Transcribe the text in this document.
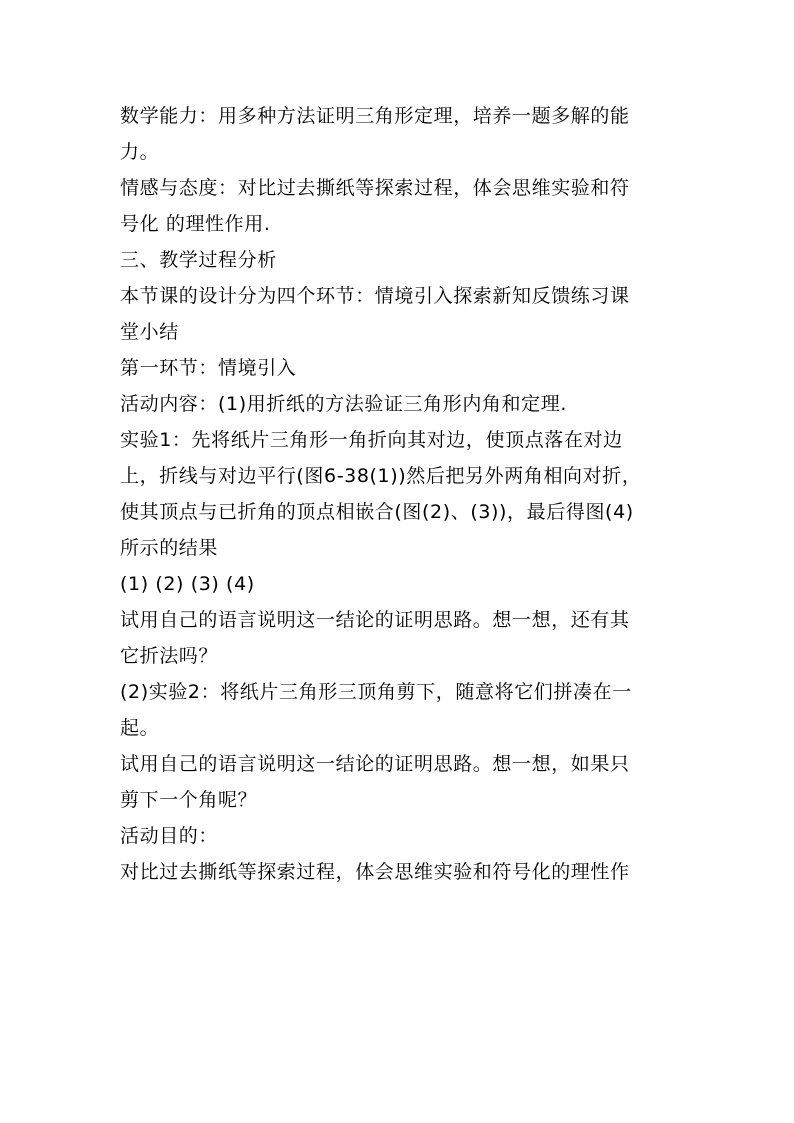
数学能力：用多种方法证明三角形定理，培养一题多解的能
力。
情感与态度：对比过去撕纸等探索过程，体会思维实验和符
号化 的理性作用.
三、教学过程分析
本节课的设计分为四个环节：情境引入探索新知反馈练习课
堂小结
第一环节：情境引入
活动内容：(1)用折纸的方法验证三角形内角和定理.
实验1：先将纸片三角形一角折向其对边，使顶点落在对边
上，折线与对边平行(图6-38(1))然后把另外两角相向对折，
使其顶点与已折角的顶点相嵌合(图(2)、(3))，最后得图(4)
所示的结果
(1) (2) (3) (4)
试用自己的语言说明这一结论的证明思路。想一想，还有其
它折法吗？
(2)实验2：将纸片三角形三顶角剪下，随意将它们拼凑在一
起。
试用自己的语言说明这一结论的证明思路。想一想，如果只
剪下一个角呢？
活动目的：
对比过去撕纸等探索过程，体会思维实验和符号化的理性作
